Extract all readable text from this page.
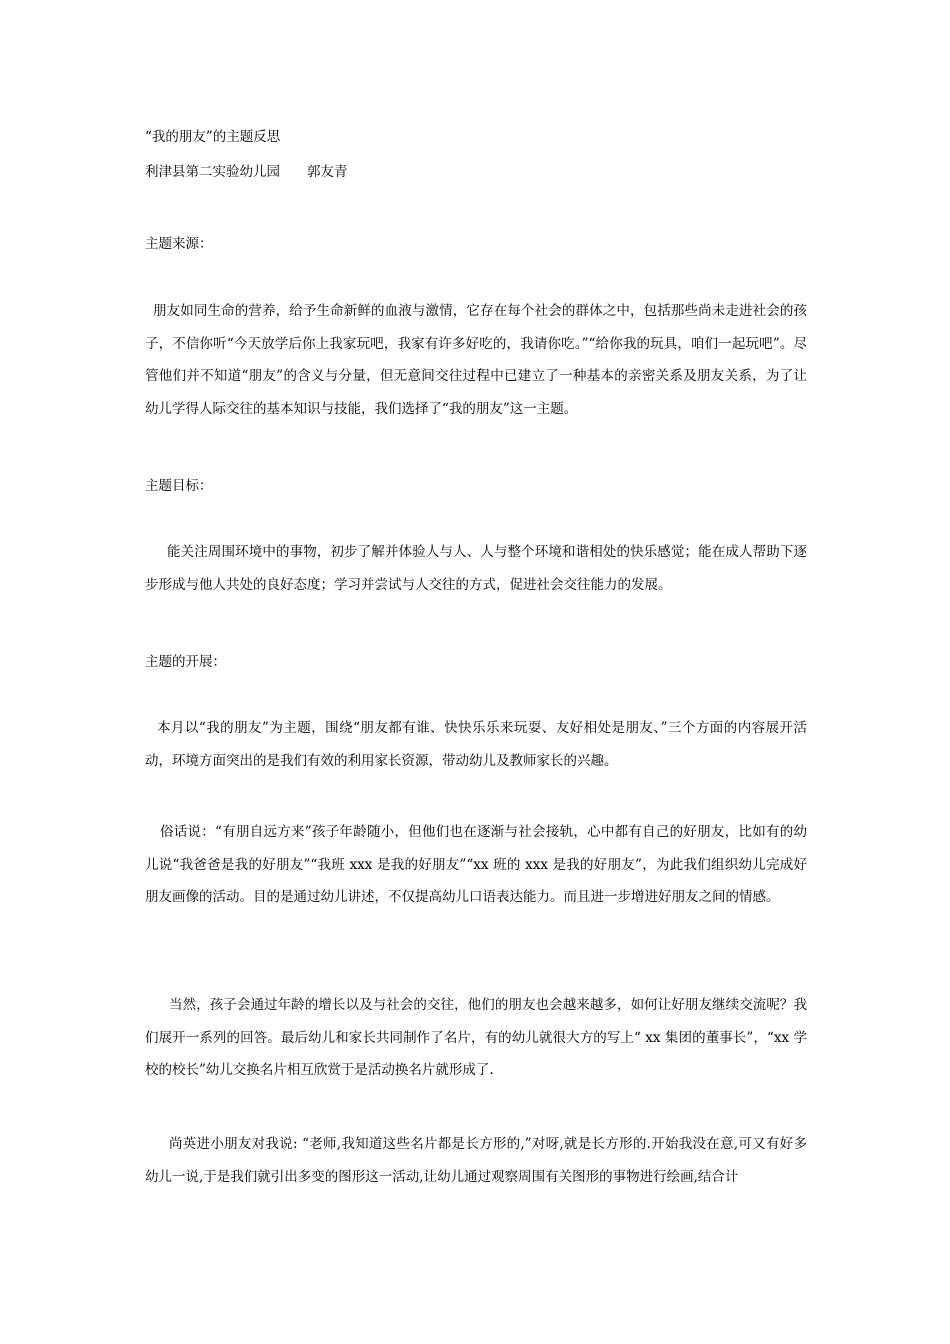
“我的朋友”的主题反思
利津县第二实验幼儿园　　郭友青
主题来源：
朋友如同生命的营养，给予生命新鲜的血液与激情，它存在每个社会的群体之中，包括那些尚未走进社会的孩子，不信你听“今天放学后你上我家玩吧，我家有许多好吃的，我请你吃。”“给你我的玩具，咱们一起玩吧”。尽管他们并不知道“朋友”的含义与分量，但无意间交往过程中已建立了一种基本的亲密关系及朋友关系，为了让 幼儿学得人际交往的基本知识与技能，我们选择了“我的朋友”这一主题。
主题目标：
能关注周围环境中的事物，初步了解并体验人与人、人与整个环境和谐相处的快乐感觉；能在成人帮助下逐步形成与他人共处的良好态度；学习并尝试与人交往的方式，促进社会交往能力的发展。
主题的开展：
本月以“我的朋友”为主题，围绕“朋友都有谁、快快乐乐来玩耍、友好相处是朋友、”三个方面的内容展开活动，环境方面突出的是我们有效的利用家长资源，带动幼儿及教师家长的兴趣。
俗话说：“有朋自远方来”孩子年龄随小，但他们也在逐渐与社会接轨，心中都有自己的好朋友，比如有的幼儿说“我爸爸是我的好朋友”“我班 xxx 是我的好朋友”“xx 班的 xxx 是我的好朋友”，为此我们组织幼儿完成好朋友画像的活动。目的是通过幼儿讲述，不仅提高幼儿口语表达能力。而且进一步增进好朋友之间的情感。
当然，孩子会通过年龄的增长以及与社会的交往，他们的朋友也会越来越多，如何让好朋友继续交流呢？我们展开一系列的回答。最后幼儿和家长共同制作了名片，有的幼儿就很大方的写上“ xx 集团的董事长”，“xx 学校的校长”幼儿交换名片相互欣赏于是活动换名片就形成了.
尚英进小朋友对我说: “老师,我知道这些名片都是长方形的,”对呀,就是长方形的.开始我没在意,可又有好多幼儿一说,于是我们就引出多变的图形这一活动,让幼儿通过观察周围有关图形的事物进行绘画,结合计
